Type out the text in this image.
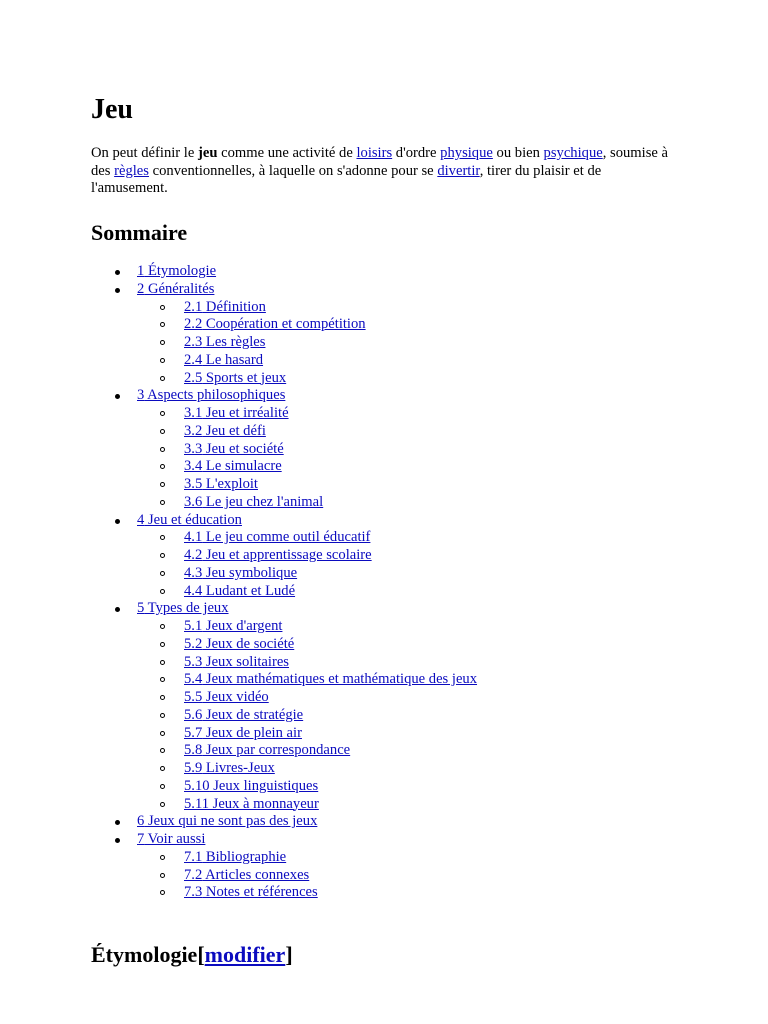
Jeu

On peut définir le jeu comme une activité de loisirs d'ordre physique ou bien psychique, soumise à des règles conventionnelles, à laquelle on s'adonne pour se divertir, tirer du plaisir et de l'amusement.

Sommaire
1 Étymologie
2 Généralités
2.1 Définition
2.2 Coopération et compétition
2.3 Les règles
2.4 Le hasard
2.5 Sports et jeux
3 Aspects philosophiques
3.1 Jeu et irréalité
3.2 Jeu et défi
3.3 Jeu et société
3.4 Le simulacre
3.5 L'exploit
3.6 Le jeu chez l'animal
4 Jeu et éducation
4.1 Le jeu comme outil éducatif
4.2 Jeu et apprentissage scolaire
4.3 Jeu symbolique
4.4 Ludant et Ludé
5 Types de jeux
5.1 Jeux d'argent
5.2 Jeux de société
5.3 Jeux solitaires
5.4 Jeux mathématiques et mathématique des jeux
5.5 Jeux vidéo
5.6 Jeux de stratégie
5.7 Jeux de plein air
5.8 Jeux par correspondance
5.9 Livres-Jeux
5.10 Jeux linguistiques
5.11 Jeux à monnayeur
6 Jeux qui ne sont pas des jeux
7 Voir aussi
7.1 Bibliographie
7.2 Articles connexes
7.3 Notes et références
Étymologie[modifier]
